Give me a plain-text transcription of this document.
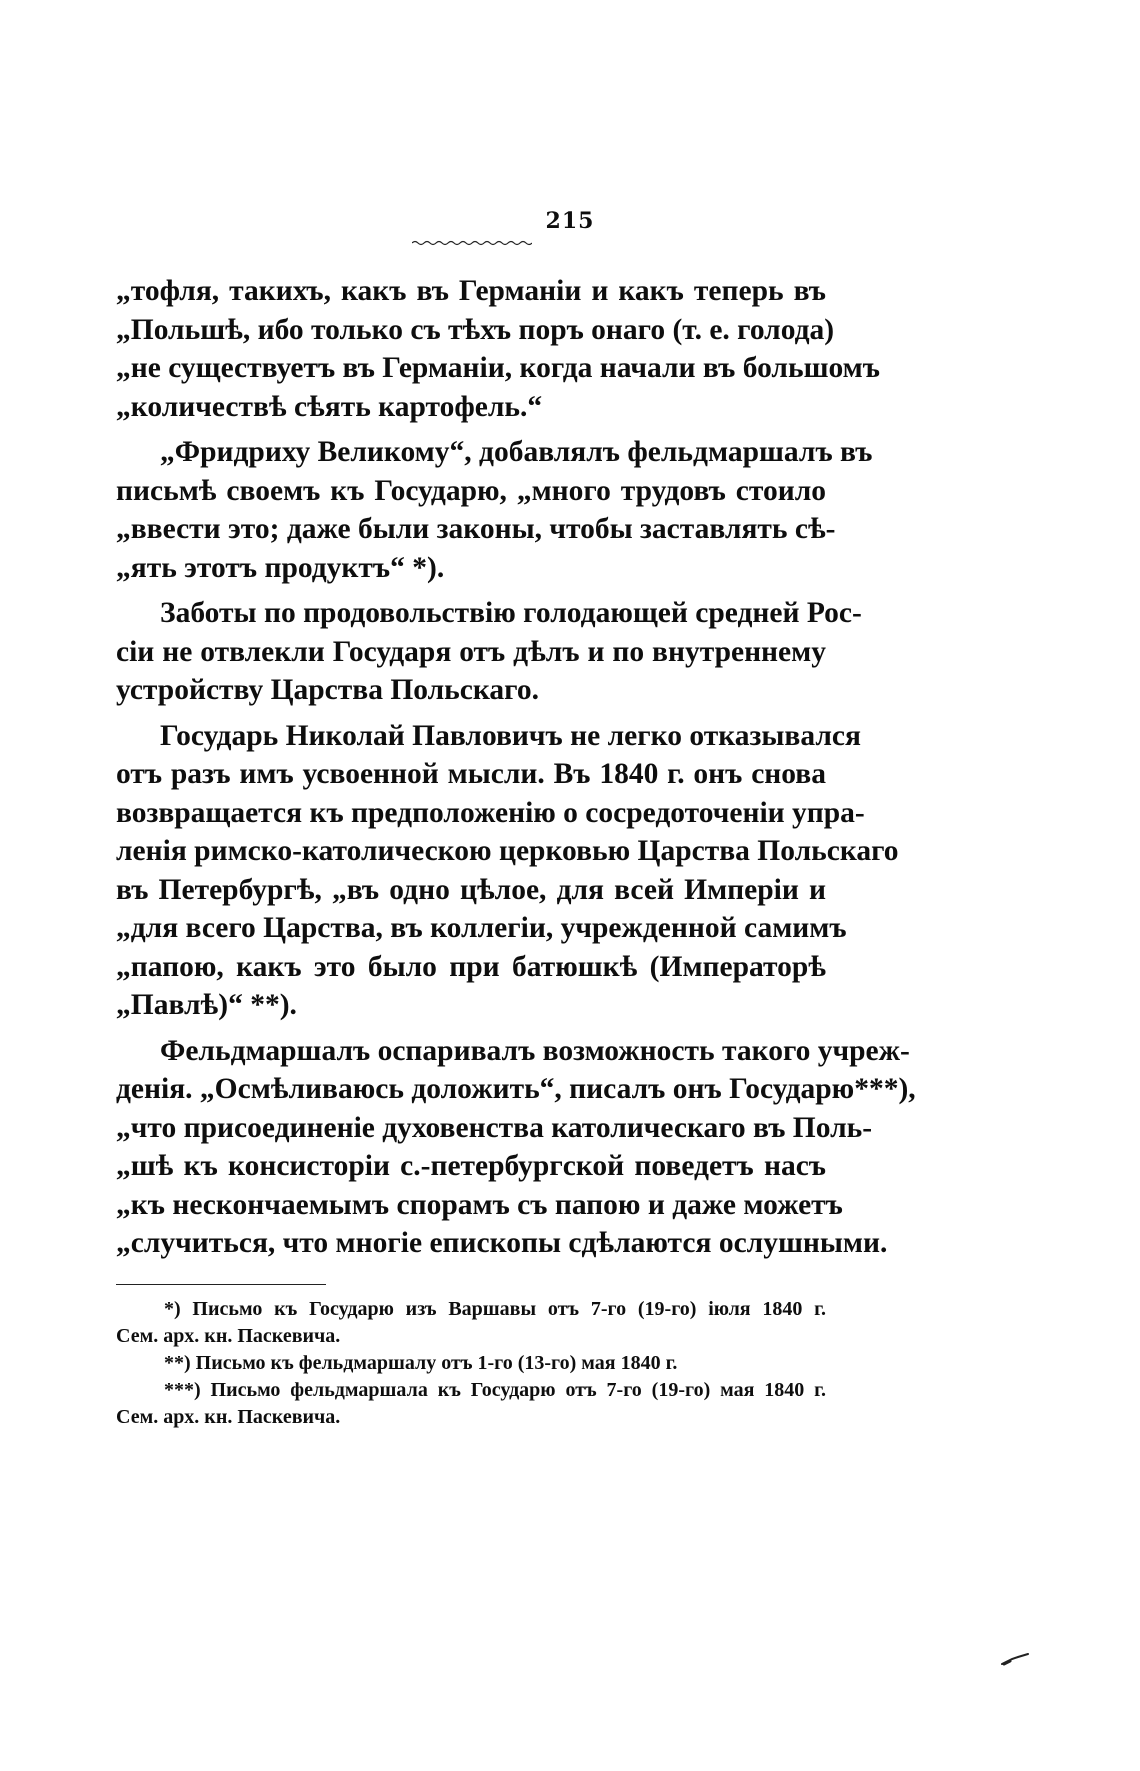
215
„тофля, такихъ, какъ въ Германіи и какъ теперь въ
„Польшѣ, ибо только съ тѣхъ поръ онаго (т. е. голода)
„не существуетъ въ Германіи, когда начали въ большомъ
„количествѣ сѣять картофель.“
„Фридриху Великому“, добавлялъ фельдмаршалъ въ
письмѣ своемъ къ Государю, „много трудовъ стоило
„ввести это; даже были законы, чтобы заставлять сѣ-
„ять этотъ продуктъ“ *).
Заботы по продовольствію голодающей средней Рос-
сіи не отвлекли Государя отъ дѣлъ и по внутреннему
устройству Царства Польскаго.
Государь Николай Павловичъ не легко отказывался
отъ разъ имъ усвоенной мысли. Въ 1840 г. онъ снова
возвращается къ предположенію о сосредоточеніи упра-
ленія римско-католическою церковью Царства Польскаго
въ Петербургѣ, „въ одно цѣлое, для всей Имперіи и
„для всего Царства, въ коллегіи, учрежденной самимъ
„папою, какъ это было при батюшкѣ (Императорѣ
„Павлѣ)“ **).
Фельдмаршалъ оспаривалъ возможность такого учреж-
денія. „Осмѣливаюсь доложить“, писалъ онъ Государю***),
„что присоединеніе духовенства католическаго въ Поль-
„шѣ къ консисторіи с.-петербургской поведетъ насъ
„къ нескончаемымъ спорамъ съ папою и даже можетъ
„случиться, что многіе епископы сдѣлаются ослушными.
*) Письмо къ Государю изъ Варшавы отъ 7-го (19-го) іюля 1840 г.
Сем. арх. кн. Паскевича.
**) Письмо къ фельдмаршалу отъ 1-го (13-го) мая 1840 г.
***) Письмо фельдмаршала къ Государю отъ 7-го (19-го) мая 1840 г.
Сем. арх. кн. Паскевича.
